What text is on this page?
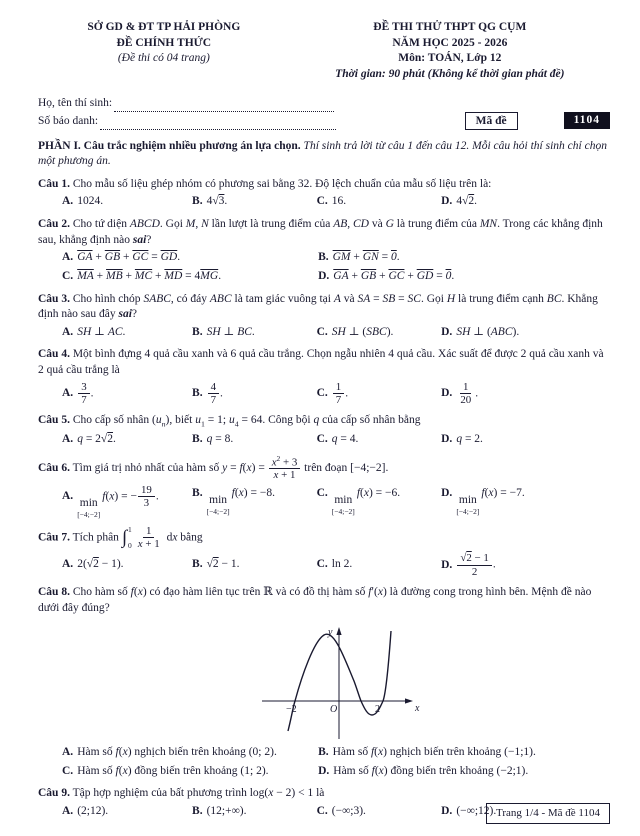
SỞ GD & ĐT TP HẢI PHÒNG
ĐỀ CHÍNH THỨC
(Đề thi có 04 trang)
ĐỀ THI THỬ THPT QG CỤM
NĂM HỌC 2025 - 2026
Môn: TOÁN, Lớp 12
Thời gian: 90 phút (Không kể thời gian phát đề)
Họ, tên thí sinh:
Số báo danh:	Mã đề	1104
PHẦN I. Câu trắc nghiệm nhiều phương án lựa chọn. Thí sinh trả lời từ câu 1 đến câu 12. Mỗi câu hỏi thí sinh chỉ chọn một phương án.
Câu 1. Cho mẫu số liệu ghép nhóm có phương sai bằng 32. Độ lệch chuẩn của mẫu số liệu trên là:
A. 1024.	B. 4√3.	C. 16.	D. 4√2.
Câu 2. Cho tứ diện ABCD. Gọi M, N lần lượt là trung điểm của AB, CD và G là trung điểm của MN. Trong các khẳng định sau, khẳng định nào sai?
A. $\overline{GA} + \overline{GB} + \overline{GC} = \overline{GD}$.	B. $\overline{GM} + \overline{GN} = 0$.
C. $\overline{MA} + \overline{MB} + \overline{MC} + \overline{MD} = 4\overline{MG}$.	D. $\overline{GA} + \overline{GB} + \overline{GC} + \overline{GD} = 0$.
Câu 3. Cho hình chóp SABC, có đáy ABC là tam giác vuông tại A và SA = SB = SC. Gọi H là trung điểm cạnh BC. Khẳng định nào sau đây sai?
A. SH ⊥ AC.	B. SH ⊥ BC.	C. SH ⊥ (SBC).	D. SH ⊥ (ABC).
Câu 4. Một bình đựng 4 quả cầu xanh và 6 quả cầu trắng. Chọn ngẫu nhiên 4 quả cầu. Xác suất để được 2 quả cầu xanh và 2 quả cầu trắng là
A. $\frac{3}{7}$ .	B. $\frac{4}{7}$ .	C. $\frac{1}{7}$ .	D. $\frac{1}{20}$ .
Câu 5. Cho cấp số nhân $(u_n)$, biết $u_1 = 1$; $u_4 = 64$. Công bội q của cấp số nhân bằng
A. q = 2√2.	B. q = 8.	C. q = 4.	D. q = 2.
Câu 6. Tìm giá trị nhỏ nhất của hàm số $y = f(x) = \frac{x^2 + 3}{x + 1}$ trên đoạn [−4;−2].
A.
min
[−4;−2]
f(x) = − $\frac{19}{3}$ .	B.
min
[−4;−2]
f(x) = −8.	C.
min
[−4;−2]
f(x) = −6.	D.
min
[−4;−2]
f(x) = −7.
Câu 7. Tích phân ∫ 1
$0 \frac{1}{x + 1}$ dx bằng
A. 2(√2 − 1).	B. √2 − 1.	C. ln 2.	D. $\frac{√2 - 1}{2}$ .
Câu 8. Cho hàm số f(x) có đạo hàm liên tục trên ℝ và có đồ thị hàm số f′(x) là đường cong trong hình bên. Mệnh đề nào dưới đây đúng?
y
x
O
−2	2
A. Hàm số f(x) nghịch biến trên khoảng (0; 2).	B. Hàm số f(x) nghịch biến trên khoảng (−1;1).
C. Hàm số f(x) đồng biến trên khoảng (1; 2).	D. Hàm số f(x) đồng biến trên khoảng (−2;1).
Câu 9. Tập hợp nghiệm của bất phương trình log(x − 2) < 1 là
A. (2;12).	B. (12;+∞).	C. (−∞;3).	D. (−∞;12). Trang 1/4 - Mã đề 1104
